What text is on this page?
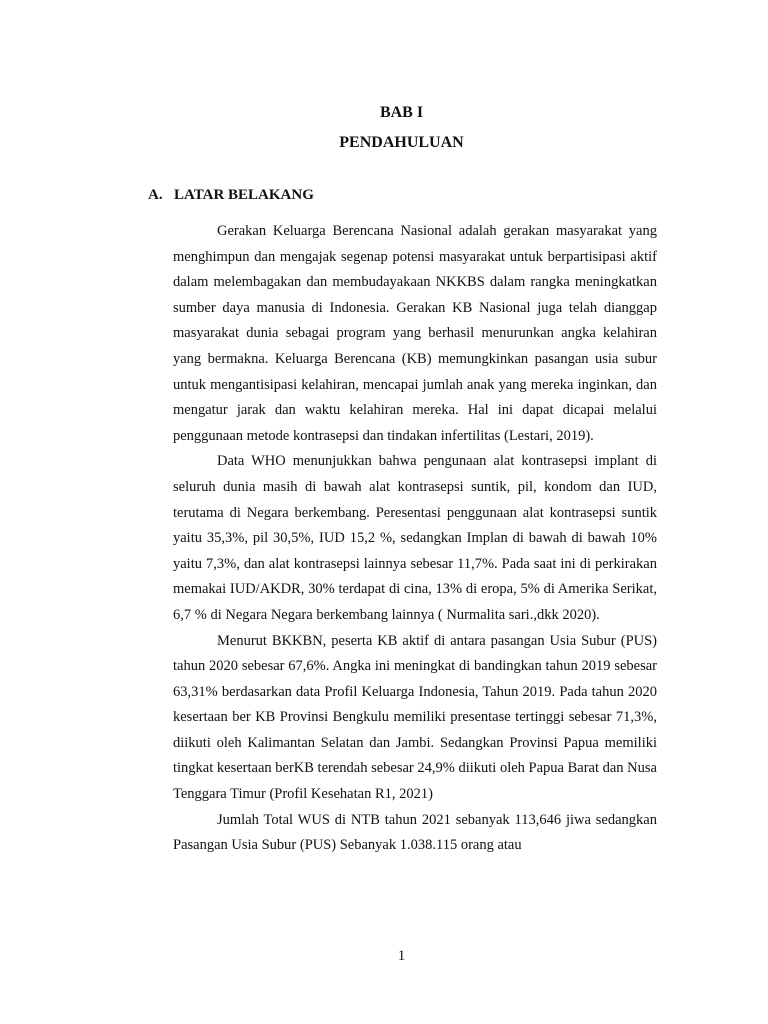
BAB I
PENDAHULUAN
A. LATAR BELAKANG

Gerakan Keluarga Berencana Nasional adalah gerakan masyarakat yang menghimpun dan mengajak segenap potensi masyarakat untuk berpartisipasi aktif dalam melembagakan dan membudayakaan NKKBS dalam rangka meningkatkan sumber daya manusia di Indonesia. Gerakan KB Nasional juga telah dianggap masyarakat dunia sebagai program yang berhasil menurunkan angka kelahiran yang bermakna. Keluarga Berencana (KB) memungkinkan pasangan usia subur untuk mengantisipasi kelahiran, mencapai jumlah anak yang mereka inginkan, dan mengatur jarak dan waktu kelahiran mereka. Hal ini dapat dicapai melalui penggunaan metode kontrasepsi dan tindakan infertilitas (Lestari, 2019).

Data WHO menunjukkan bahwa pengunaan alat kontrasepsi implant di seluruh dunia masih di bawah alat kontrasepsi suntik, pil, kondom dan IUD, terutama di Negara berkembang. Peresentasi penggunaan alat kontrasepsi suntik yaitu 35,3%, pil 30,5%, IUD 15,2 %, sedangkan Implan di bawah di bawah 10% yaitu 7,3%, dan alat kontrasepsi lainnya sebesar 11,7%. Pada saat ini di perkirakan memakai IUD/AKDR, 30% terdapat di cina, 13% di eropa, 5% di Amerika Serikat, 6,7 % di Negara Negara berkembang lainnya ( Nurmalita sari.,dkk 2020).

Menurut BKKBN, peserta KB aktif di antara pasangan Usia Subur (PUS) tahun 2020 sebesar 67,6%. Angka ini meningkat di bandingkan tahun 2019 sebesar 63,31% berdasarkan data Profil Keluarga Indonesia, Tahun 2019. Pada tahun 2020 kesertaan ber KB Provinsi Bengkulu memiliki presentase tertinggi sebesar 71,3%, diikuti oleh Kalimantan Selatan dan Jambi. Sedangkan Provinsi Papua memiliki tingkat kesertaan berKB terendah sebesar 24,9% diikuti oleh Papua Barat dan Nusa Tenggara Timur (Profil Kesehatan R1, 2021)

Jumlah Total WUS di NTB tahun 2021 sebanyak 113,646 jiwa sedangkan Pasangan Usia Subur (PUS) Sebanyak 1.038.115 orang atau

1
